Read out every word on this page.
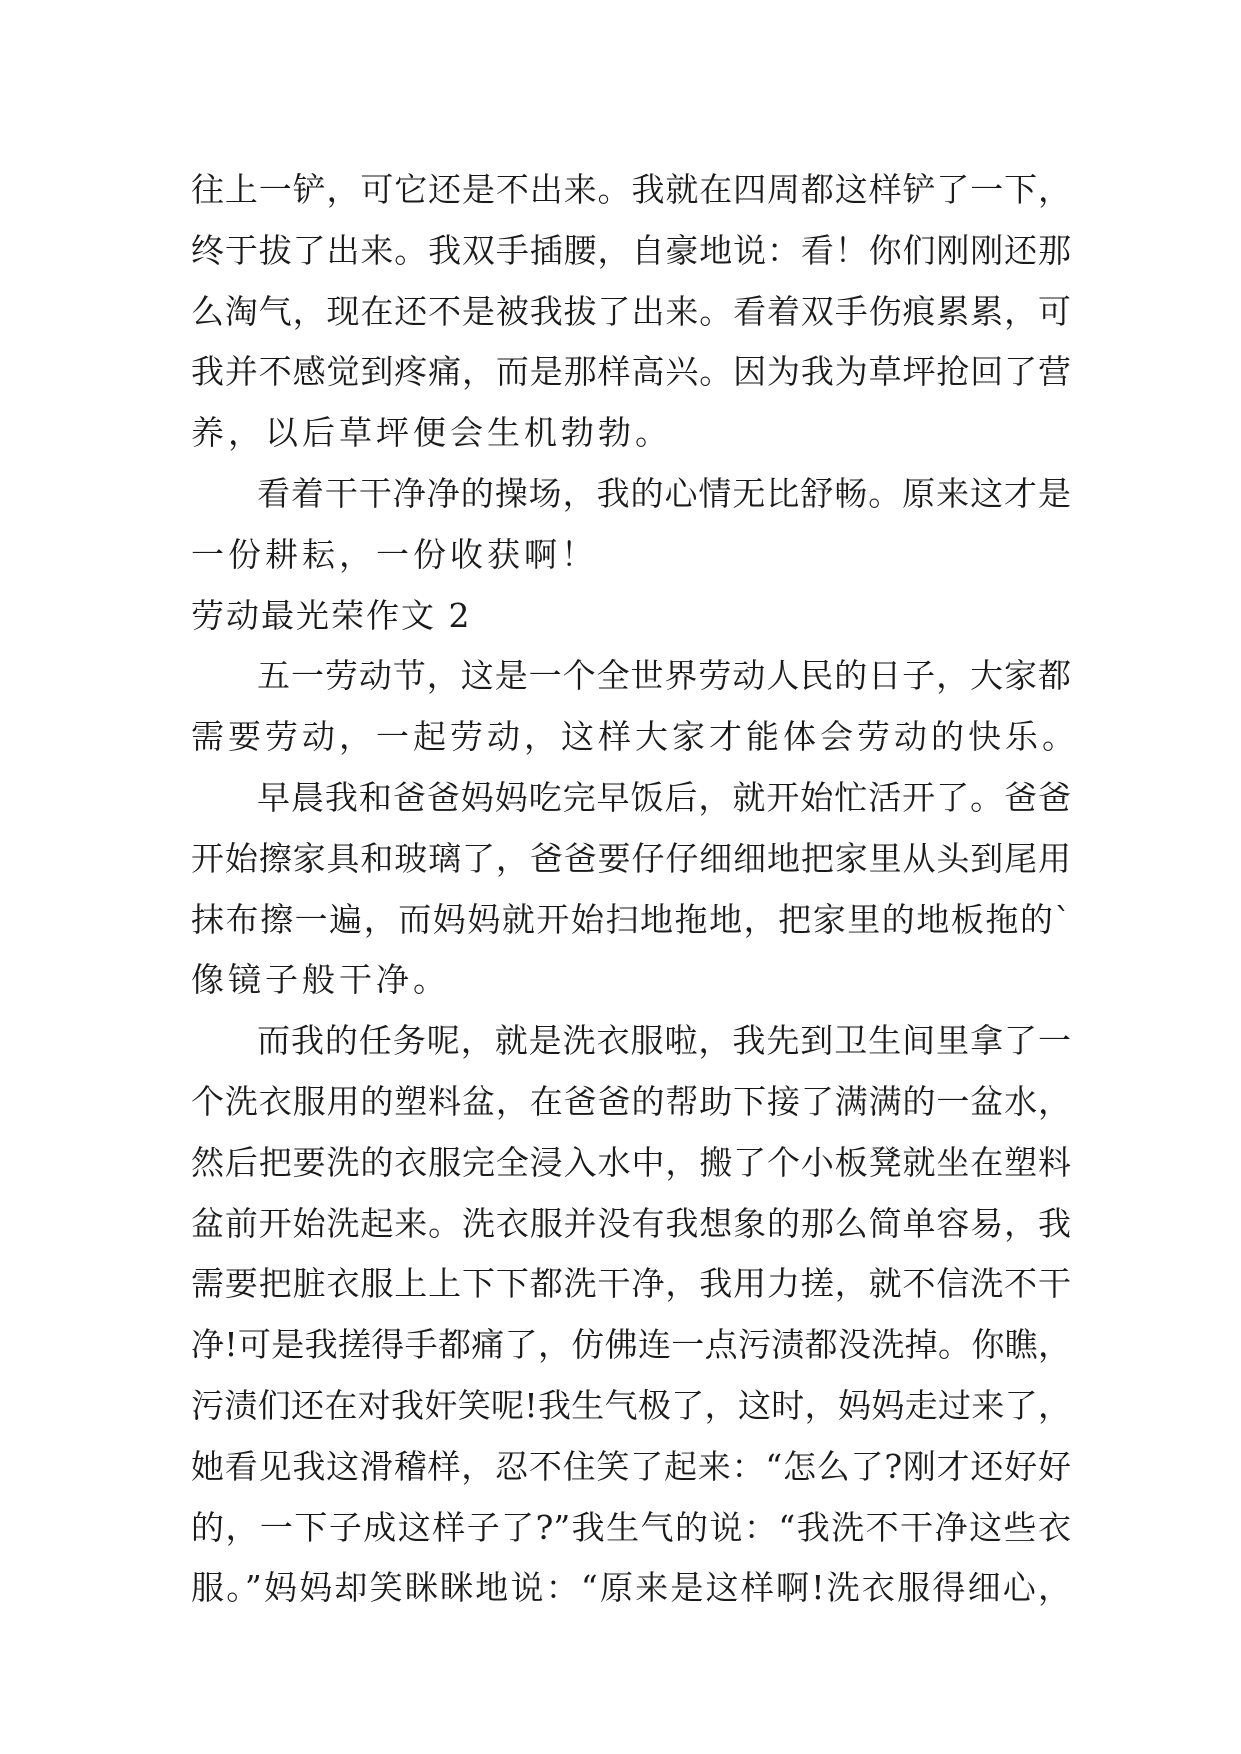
往上一铲，可它还是不出来。我就在四周都这样铲了一下，
终于拔了出来。我双手插腰，自豪地说：看！你们刚刚还那
么淘气，现在还不是被我拔了出来。看着双手伤痕累累，可
我并不感觉到疼痛，而是那样高兴。因为我为草坪抢回了营
养，以后草坪便会生机勃勃。
看着干干净净的操场，我的心情无比舒畅。原来这才是
一份耕耘，一份收获啊！
劳动最光荣作文 2
五一劳动节，这是一个全世界劳动人民的日子，大家都
需要劳动，一起劳动，这样大家才能体会劳动的快乐。
早晨我和爸爸妈妈吃完早饭后，就开始忙活开了。爸爸
开始擦家具和玻璃了，爸爸要仔仔细细地把家里从头到尾用
抹布擦一遍，而妈妈就开始扫地拖地，把家里的地板拖的`
像镜子般干净。
而我的任务呢，就是洗衣服啦，我先到卫生间里拿了一
个洗衣服用的塑料盆，在爸爸的帮助下接了满满的一盆水，
然后把要洗的衣服完全浸入水中，搬了个小板凳就坐在塑料
盆前开始洗起来。洗衣服并没有我想象的那么简单容易，我
需要把脏衣服上上下下都洗干净，我用力搓，就不信洗不干
净!可是我搓得手都痛了，仿佛连一点污渍都没洗掉。你瞧，
污渍们还在对我奸笑呢!我生气极了，这时，妈妈走过来了，
她看见我这滑稽样，忍不住笑了起来：“怎么了?刚才还好好
的，一下子成这样子了?”我生气的说：“我洗不干净这些衣
服。”妈妈却笑眯眯地说：“原来是这样啊!洗衣服得细心，
